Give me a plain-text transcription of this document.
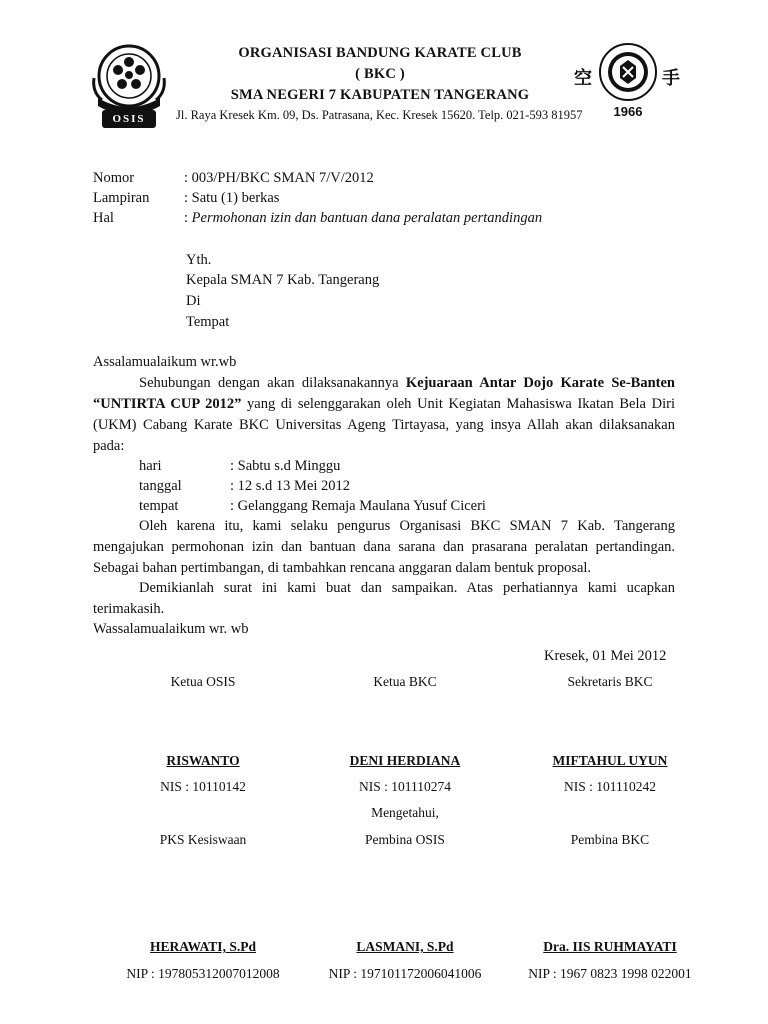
OSIS
ORGANISASI BANDUNG KARATE CLUB
( BKC )
SMA NEGERI 7 KABUPATEN TANGERANG
Jl. Raya Kresek Km. 09, Ds. Patrasana, Kec. Kresek 15620. Telp. 021-593 81957
空	手
1966
Nomor	: 003/PH/BKC SMAN 7/V/2012
Lampiran : Satu (1) berkas
Hal	: Permohonan izin dan bantuan dana peralatan pertandingan
Yth.
Kepala SMAN 7 Kab. Tangerang
Di
Tempat
Assalamualaikum wr.wb
Sehubungan dengan akan dilaksanakannya Kejuaraan Antar Dojo Karate Se-Banten “UNTIRTA CUP 2012” yang di selenggarakan oleh Unit Kegiatan Mahasiswa Ikatan Bela Diri (UKM) Cabang Karate BKC Universitas Ageng Tirtayasa, yang insya Allah akan dilaksanakan pada:
hari	: Sabtu s.d Minggu
tanggal	: 12 s.d 13 Mei 2012
tempat	: Gelanggang Remaja Maulana Yusuf Ciceri
Oleh karena itu, kami selaku pengurus Organisasi BKC SMAN 7 Kab. Tangerang mengajukan permohonan izin dan bantuan dana sarana dan prasarana peralatan pertandingan. Sebagai bahan pertimbangan, di tambahkan rencana anggaran dalam bentuk proposal.
Demikianlah surat ini kami buat dan sampaikan. Atas perhatiannya kami ucapkan terimakasih.
Wassalamualaikum wr. wb
Kresek, 01 Mei 2012
Ketua OSIS	Ketua BKC	Sekretaris BKC
RISWANTO	DENI HERDIANA	MIFTAHUL UYUN
NIS : 10110142	NIS : 101110274	NIS : 101110242
Mengetahui,
PKS Kesiswaan	Pembina OSIS	Pembina BKC
HERAWATI, S.Pd	LASMANI, S.Pd	Dra. IIS RUHMAYATI
NIP : 197805312007012008	NIP : 197101172006041006	NIP : 1967 0823 1998 022001
